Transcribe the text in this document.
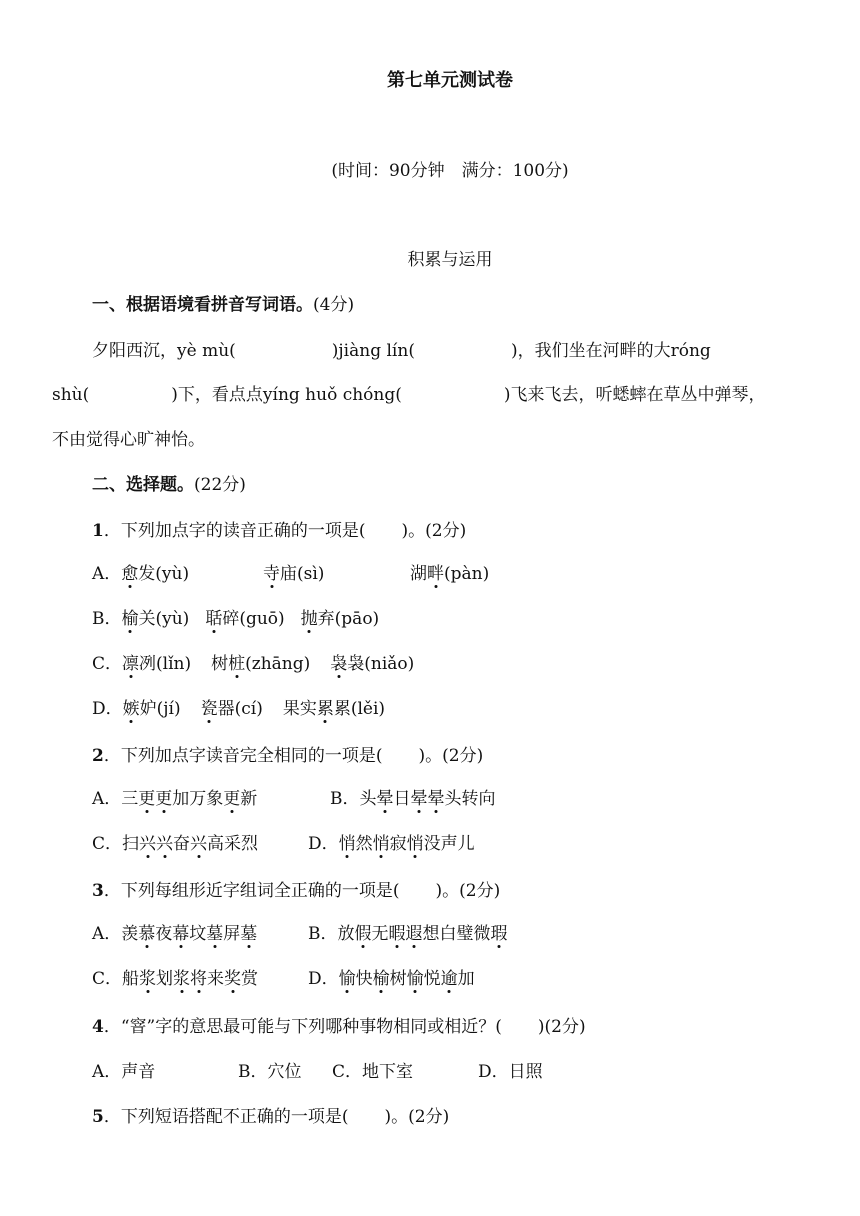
第七单元测试卷
(时间：90分钟　满分：100分)
积累与运用
一、根据语境看拼音写词语。(4分)
夕阳西沉，yè mù(	)jiàng lín(	)，我们坐在河畔的大róng
shù(	)下，看点点yíng huǒ chóng(	)飞来飞去，听蟋蟀在草丛中弹琴，
不由觉得心旷神怡。
二、选择题。(22分)
1．下列加点字的读音正确的一项是( )。(2分)
A．愈发(yù)	寺庙(sì)	湖畔(pàn)
B．榆关(yù) 聒碎(guō) 抛弃(pāo)
C．凛冽(lǐn) 树桩(zhāng) 袅袅(niǎo)
D．嫉妒(jí) 瓷器(cí) 果实累累(lěi)
2．下列加点字读音完全相同的一项是( )。(2分)
A．三更更加万象更新	B．头晕日晕晕头转向
C．扫兴兴奋兴高采烈	D．悄然悄寂悄没声儿
3．下列每组形近字组词全正确的一项是( )。(2分)
A．羡慕夜幕坟墓屏墓	B．放假无暇遐想白璧微瑕
C．船浆划浆将来奖赏	D．愉快榆树愉悦逾加
4．“窨”字的意思最可能与下列哪种事物相同或相近？( )(2分)
A．声音	B．穴位 C．地下室	D．日照
5．下列短语搭配不正确的一项是( )。(2分)
